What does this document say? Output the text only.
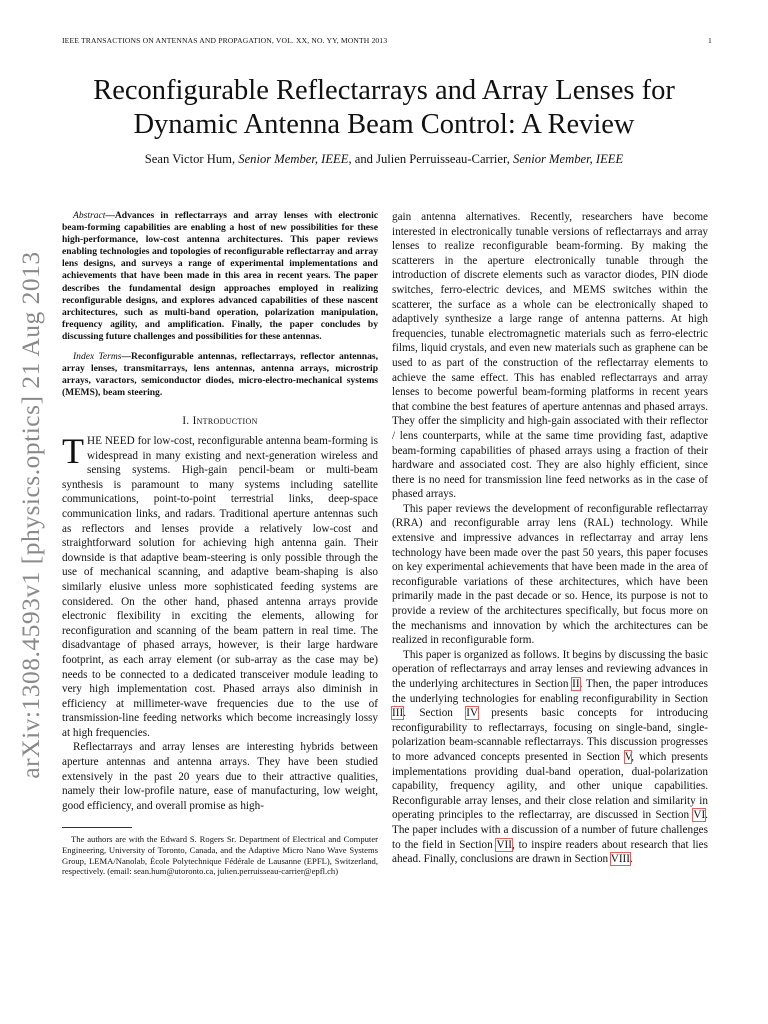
IEEE TRANSACTIONS ON ANTENNAS AND PROPAGATION, VOL. XX, NO. YY, MONTH 2013	1
Reconfigurable Reflectarrays and Array Lenses for
Dynamic Antenna Beam Control: A Review
Sean Victor Hum, Senior Member, IEEE, and Julien Perruisseau-Carrier, Senior Member, IEEE
arXiv:1308.4593v1 [physics.optics] 21 Aug 2013

Abstract—Advances in reflectarrays and array lenses with electronic beam-forming capabilities are enabling a host of new possibilities for these high-performance, low-cost antenna architectures. This paper reviews enabling technologies and topologies of reconfigurable reflectarray and array lens designs, and surveys a range of experimental implementations and achievements that have been made in this area in recent years. The paper describes the fundamental design approaches employed in realizing reconfigurable designs, and explores advanced capabilities of these nascent architectures, such as multi-band operation, polarization manipulation, frequency agility, and amplification. Finally, the paper concludes by discussing future challenges and possibilities for these antennas.

Index Terms—Reconfigurable antennas, reflectarrays, reflector antennas, array lenses, transmitarrays, lens antennas, antenna arrays, microstrip arrays, varactors, semiconductor diodes, micro-electro-mechanical systems (MEMS), beam steering.

I. Introduction

THE NEED for low-cost, reconfigurable antenna beam-forming is widespread in many existing and next-generation wireless and sensing systems. High-gain pencil-beam or multi-beam synthesis is paramount to many systems including satellite communications, point-to-point terrestrial links, deep-space communication links, and radars. Traditional aperture antennas such as reflectors and lenses provide a relatively low-cost and straightforward solution for achieving high antenna gain. Their downside is that adaptive beam-steering is only possible through the use of mechanical scanning, and adaptive beam-shaping is also similarly elusive unless more sophisticated feeding systems are considered. On the other hand, phased antenna arrays provide electronic flexibility in exciting the elements, allowing for reconfiguration and scanning of the beam pattern in real time. The disadvantage of phased arrays, however, is their large hardware footprint, as each array element (or sub-array as the case may be) needs to be connected to a dedicated transceiver module leading to very high implementation cost. Phased arrays also diminish in efficiency at millimeter-wave frequencies due to the use of transmission-line feeding networks which become increasingly lossy at high frequencies.

Reflectarrays and array lenses are interesting hybrids between aperture antennas and antenna arrays. They have been studied extensively in the past 20 years due to their attractive qualities, namely their low-profile nature, ease of manufacturing, low weight, good efficiency, and overall promise as high-

The authors are with the Edward S. Rogers Sr. Department of Electrical and Computer Engineering, University of Toronto, Canada, and the Adaptive Micro Nano Wave Systems Group, LEMA/Nanolab, École Polytechnique Fédérale de Lausanne (EPFL), Switzerland, respectively. (email: sean.hum@utoronto.ca, julien.perruisseau-carrier@epfl.ch)

gain antenna alternatives. Recently, researchers have become interested in electronically tunable versions of reflectarrays and array lenses to realize reconfigurable beam-forming. By making the scatterers in the aperture electronically tunable through the introduction of discrete elements such as varactor diodes, PIN diode switches, ferro-electric devices, and MEMS switches within the scatterer, the surface as a whole can be electronically shaped to adaptively synthesize a large range of antenna patterns. At high frequencies, tunable electromagnetic materials such as ferro-electric films, liquid crystals, and even new materials such as graphene can be used to as part of the construction of the reflectarray elements to achieve the same effect. This has enabled reflectarrays and array lenses to become powerful beam-forming platforms in recent years that combine the best features of aperture antennas and phased arrays. They offer the simplicity and high-gain associated with their reflector / lens counterparts, while at the same time providing fast, adaptive beam-forming capabilities of phased arrays using a fraction of their hardware and associated cost. They are also highly efficient, since there is no need for transmission line feed networks as in the case of phased arrays.

This paper reviews the development of reconfigurable reflectarray (RRA) and reconfigurable array lens (RAL) technology. While extensive and impressive advances in reflectarray and array lens technology have been made over the past 50 years, this paper focuses on key experimental achievements that have been made in the area of reconfigurable variations of these architectures, which have been primarily made in the past decade or so. Hence, its purpose is not to provide a review of the architectures specifically, but focus more on the mechanisms and innovation by which the architectures can be realized in reconfigurable form.

This paper is organized as follows. It begins by discussing the basic operation of reflectarrays and array lenses and reviewing advances in the underlying architectures in Section II. Then, the paper introduces the underlying technologies for enabling reconfigurability in Section III. Section IV presents basic concepts for introducing reconfigurability to reflectarrays, focusing on single-band, single-polarization beam-scannable reflectarrays. This discussion progresses to more advanced concepts presented in Section V, which presents implementations providing dual-band operation, dual-polarization capability, frequency agility, and other unique capabilities. Reconfigurable array lenses, and their close relation and similarity in operating principles to the reflectarray, are discussed in Section VI. The paper includes with a discussion of a number of future challenges to the field in Section VII, to inspire readers about research that lies ahead. Finally, conclusions are drawn in Section VIII.
